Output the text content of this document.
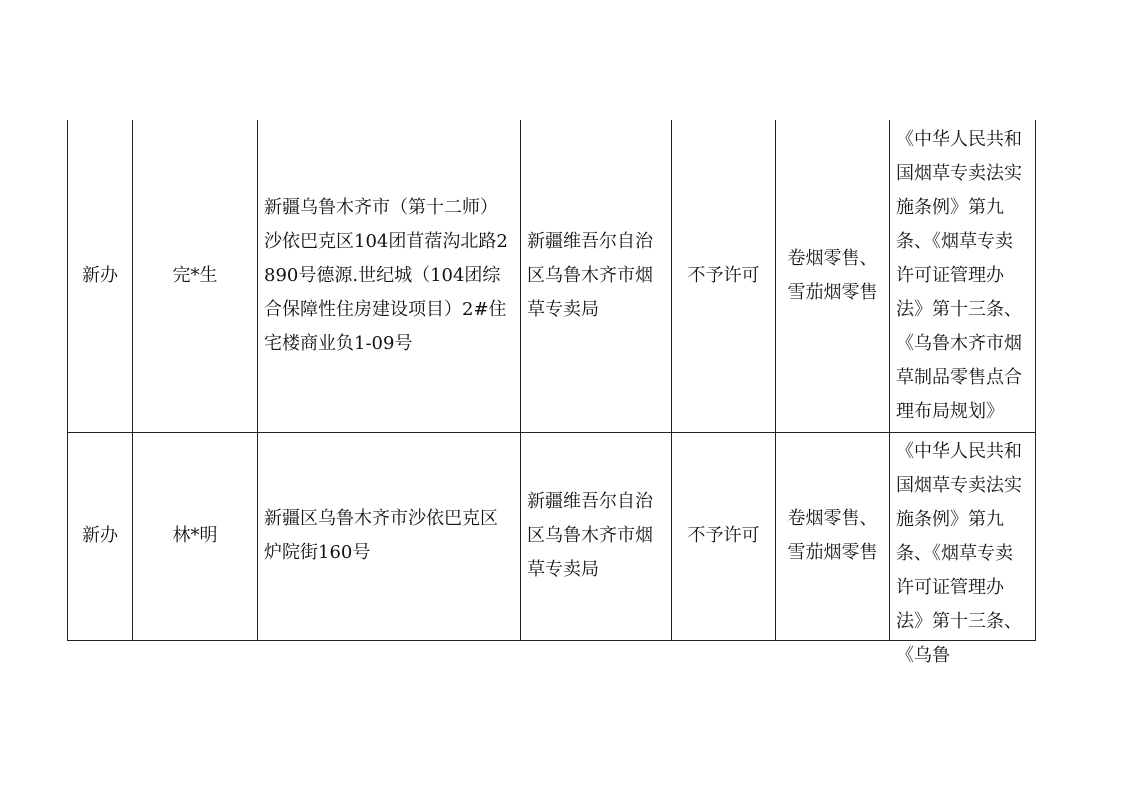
新办	完*生	新疆乌鲁木齐市（第十二师）沙依巴克区104团苜蓿沟北路2890号德源.世纪城（104团综合保障性住房建设项目）2#住宅楼商业负1-09号	新疆维吾尔自治区乌鲁木齐市烟草专卖局	不予许可	卷烟零售、雪茄烟零售	《中华人民共和国烟草专卖法实施条例》第九条、《烟草专卖许可证管理办法》第十三条、《乌鲁木齐市烟草制品零售点合理布局规划》
新办	林*明	新疆区乌鲁木齐市沙依巴克区炉院街160号	新疆维吾尔自治区乌鲁木齐市烟草专卖局	不予许可	卷烟零售、雪茄烟零售	《中华人民共和国烟草专卖法实施条例》第九条、《烟草专卖许可证管理办法》第十三条、《乌鲁
